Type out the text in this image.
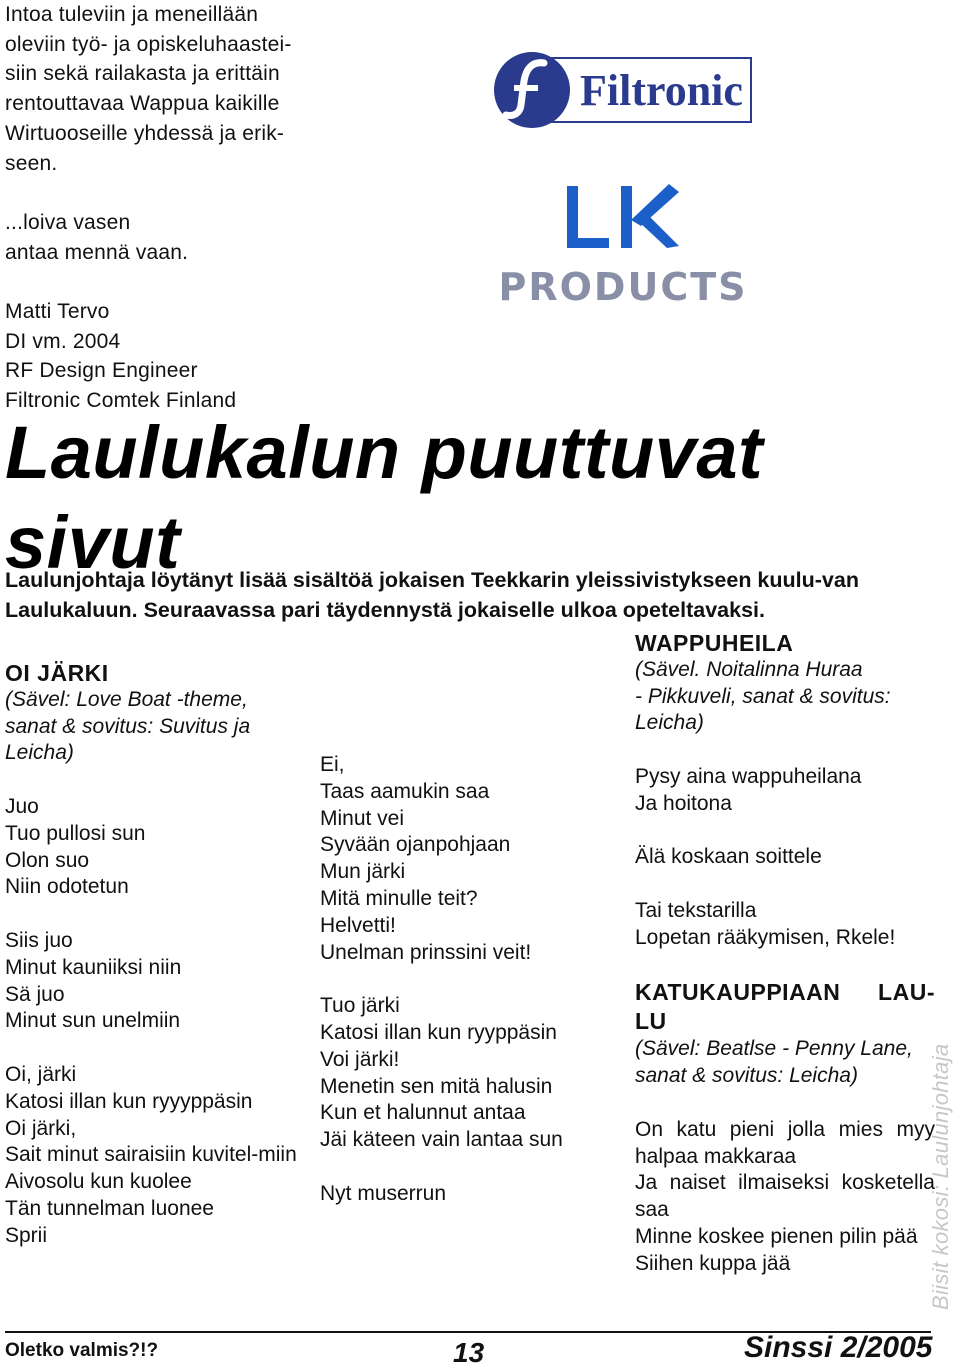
Intoa tuleviin ja meneillään
oleviin työ- ja opiskeluhaastei-
siin sekä railakasta ja erittäin
rentouttavaa Wappua kaikille
Wirtuooseille yhdessä ja erik-
seen.
...loiva vasen
antaa mennä vaan.
Matti Tervo
DI vm. 2004
RF Design Engineer
Filtronic Comtek Finland
Filtronic
PRODUCTS
Laulukalun puuttuvat
sivut
Laulunjohtaja löytänyt lisää sisältöä jokaisen Teekkarin yleissivistykseen kuulu-van Laulukaluun. Seuraavassa pari täydennystä jokaiselle ulkoa opeteltavaksi.
OI JÄRKI
(Sävel: Love Boat -theme,
sanat & sovitus: Suvitus ja
Leicha)
Juo
Tuo pullosi sun
Olon suo
Niin odotetun
Siis juo
Minut kauniiksi niin
Sä juo
Minut sun unelmiin
Oi, järki
Katosi illan kun ryyyppäsin
Oi järki,
Sait minut sairaisiin kuvitel-miin
Aivosolu kun kuolee
Tän tunnelman luonee
Sprii
Ei,
Taas aamukin saa
Minut vei
Syvään ojanpohjaan
Mun järki
Mitä minulle teit?
Helvetti!
Unelman prinssini veit!
Tuo järki
Katosi illan kun ryyppäsin
Voi järki!
Menetin sen mitä halusin
Kun et halunnut antaa
Jäi käteen vain lantaa sun
Nyt muserrun
WAPPUHEILA
(Sävel. Noitalinna Huraa
- Pikkuveli, sanat & sovitus:
Leicha)
Pysy aina wappuheilana
Ja hoitona
Älä koskaan soittele
Tai tekstarilla
Lopetan rääkymisen, Rkele!
KATUKAUPPIAAN LAU-LU
(Sävel: Beatlse - Penny Lane,
sanat & sovitus: Leicha)
On katu pieni jolla mies myy halpaa makkaraa
Ja naiset ilmaiseksi kosketella saa
Minne koskee pienen pilin pää
Siihen kuppa jää	Biisit kokosi: Laulunjohtaja
Oletko valmis?!?	13	Sinssi 2/2005
